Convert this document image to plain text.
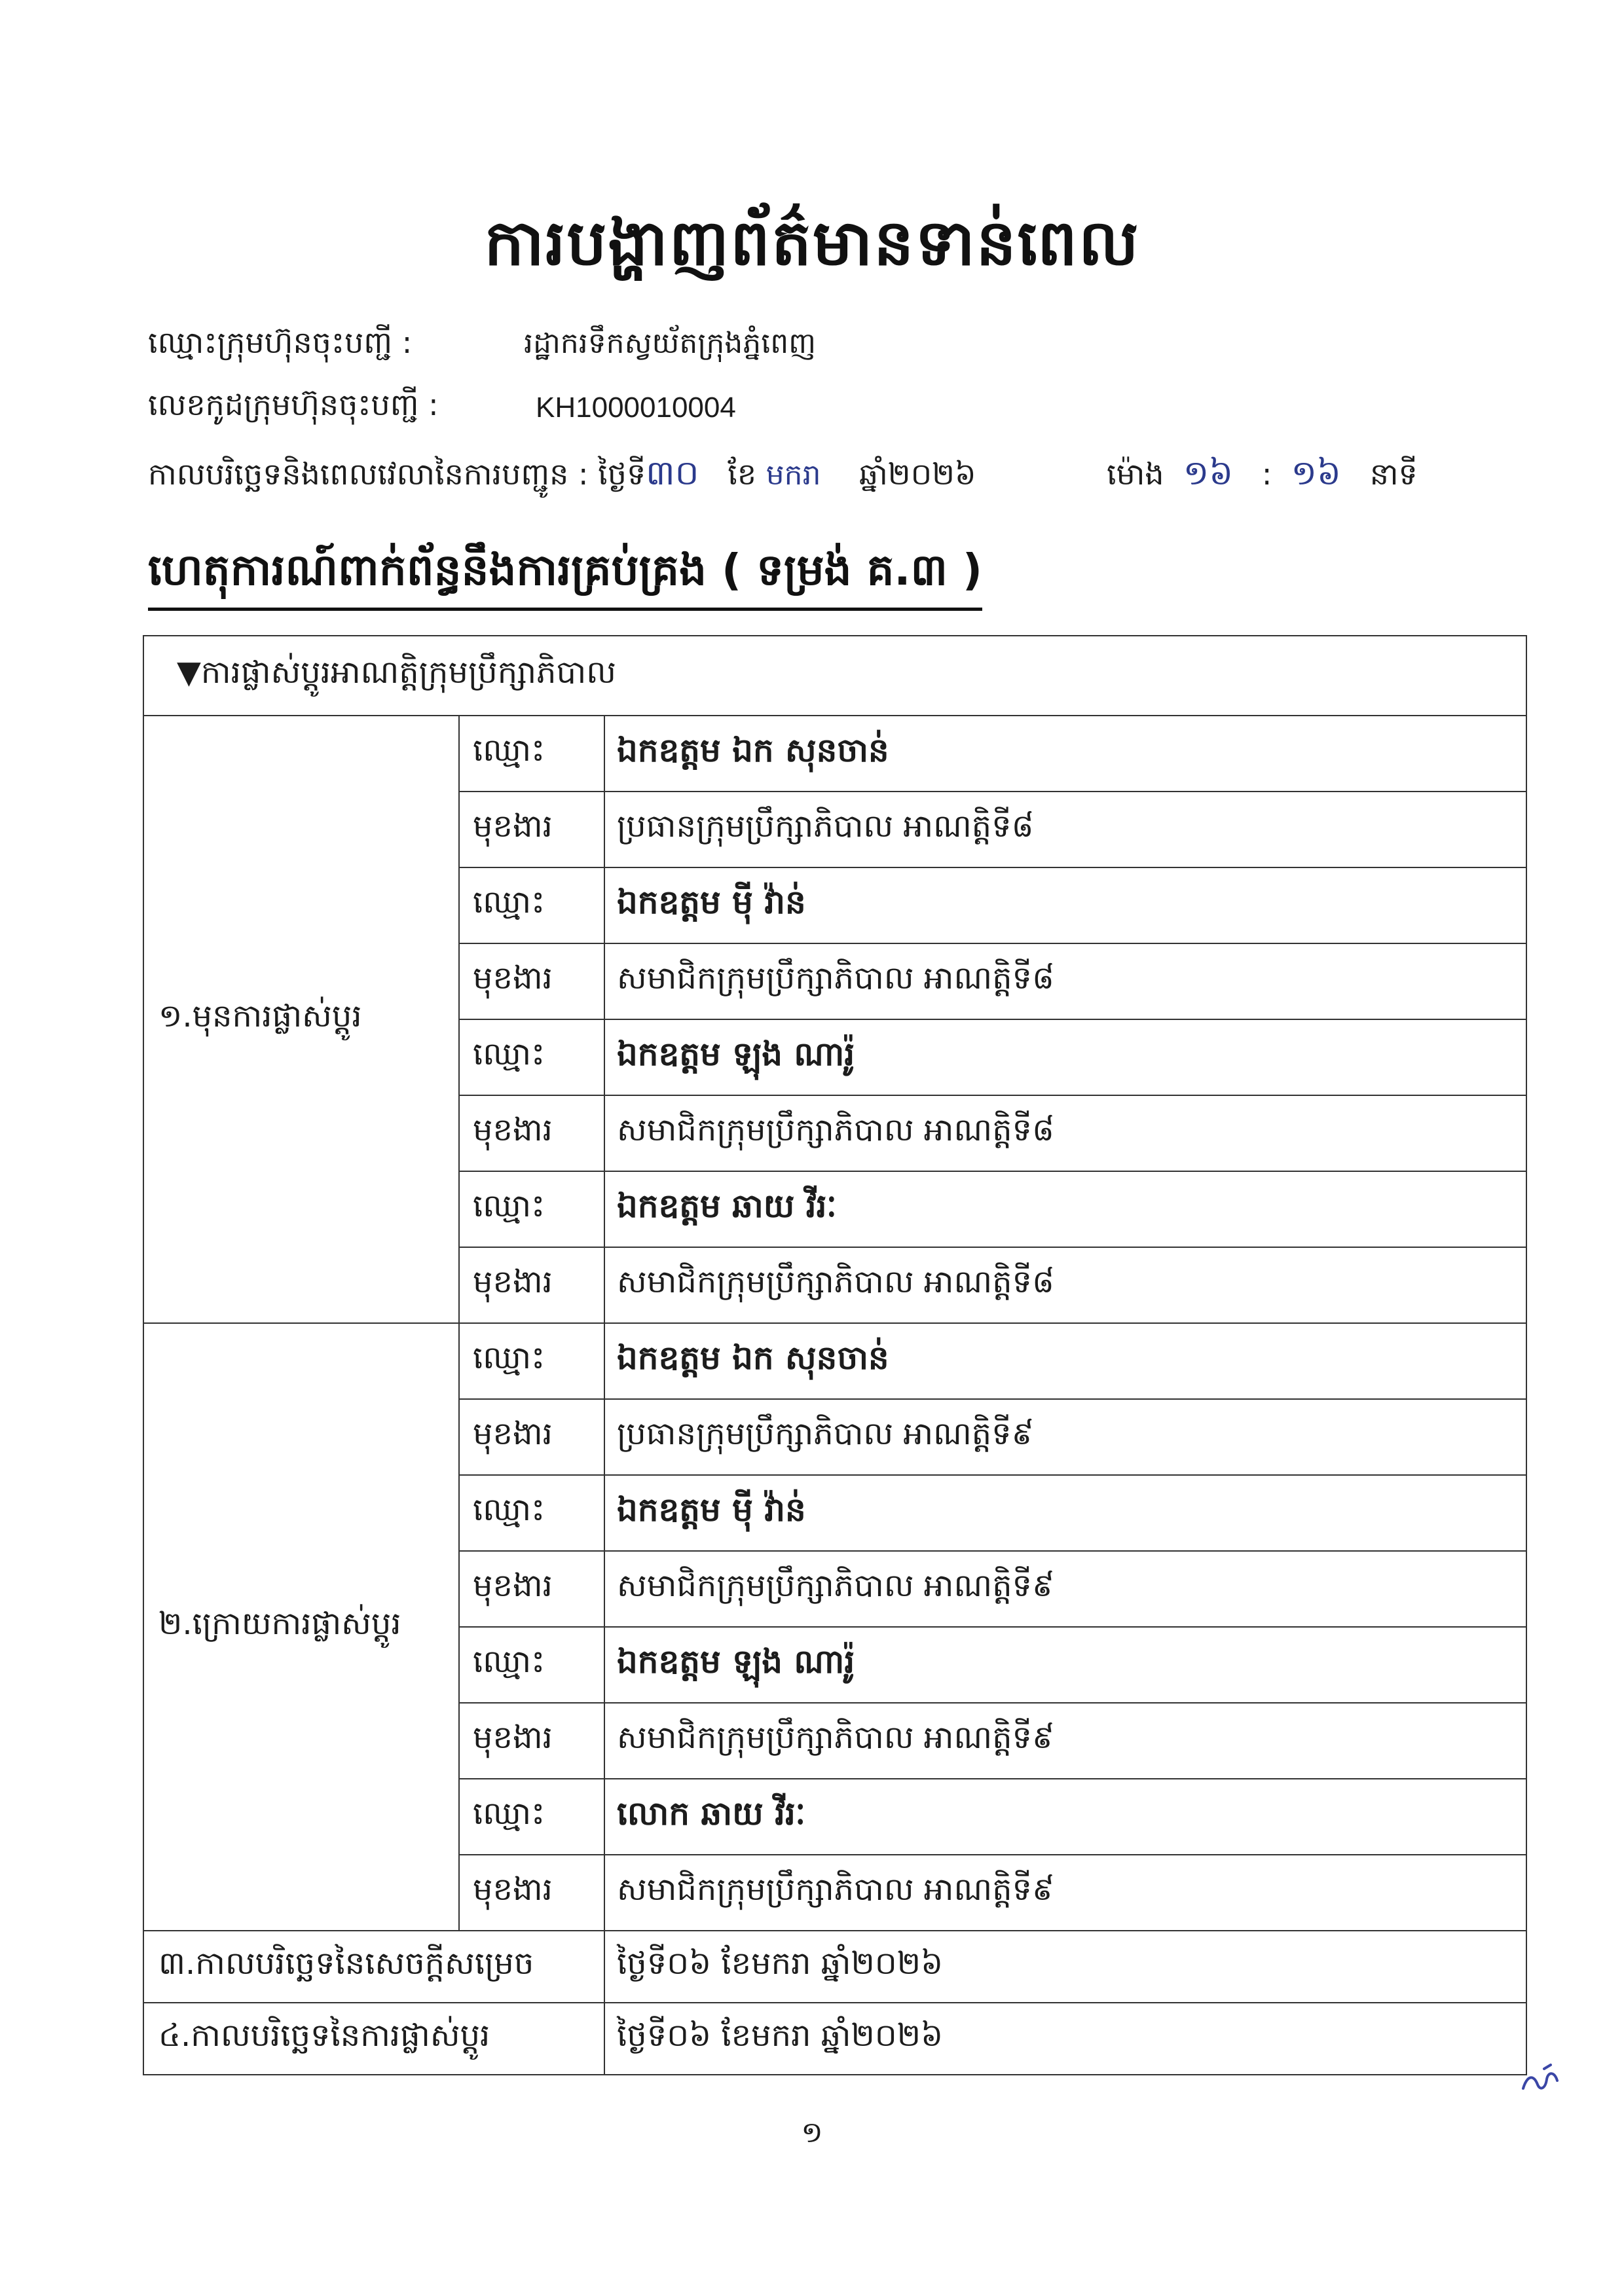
ការបង្ហាញព័ត៌មានទាន់ពេល
ឈ្មោះក្រុមហ៊ុនចុះបញ្ជី :	រដ្ឋាករទឹកស្វយ័តក្រុងភ្នំពេញ
លេខកូដក្រុមហ៊ុនចុះបញ្ជី :	KH1000010004
កាលបរិច្ឆេទនិងពេលវេលានៃការបញ្ជូន : ថ្ងៃទី៣០ ខែ មករា ឆ្នាំ២០២៦	ម៉ោង ១៦ : ១៦ នាទី
ហេតុការណ៍ពាក់ព័ន្ធនឹងការគ្រប់គ្រង ( ទម្រង់ គ.៣ )
▼ការផ្លាស់ប្តូរអាណត្តិក្រុមប្រឹក្សាភិបាល		
១.មុនការផ្លាស់ប្តូរ	ឈ្មោះ	ឯកឧត្តម ឯក សុនចាន់
	មុខងារ	ប្រធានក្រុមប្រឹក្សាភិបាល អាណត្តិទី៨
	ឈ្មោះ	ឯកឧត្តម ម៉ី វ៉ាន់
	មុខងារ	សមាជិកក្រុមប្រឹក្សាភិបាល អាណត្តិទី៨
	ឈ្មោះ	ឯកឧត្តម ឡុង ណារ៉ូ
	មុខងារ	សមាជិកក្រុមប្រឹក្សាភិបាល អាណត្តិទី៨
	ឈ្មោះ	ឯកឧត្តម ឆាយ វីរៈ
	មុខងារ	សមាជិកក្រុមប្រឹក្សាភិបាល អាណត្តិទី៨
២.ក្រោយការផ្លាស់ប្តូរ	ឈ្មោះ	ឯកឧត្តម ឯក សុនចាន់
	មុខងារ	ប្រធានក្រុមប្រឹក្សាភិបាល អាណត្តិទី៩
	ឈ្មោះ	ឯកឧត្តម ម៉ី វ៉ាន់
	មុខងារ	សមាជិកក្រុមប្រឹក្សាភិបាល អាណត្តិទី៩
	ឈ្មោះ	ឯកឧត្តម ឡុង ណារ៉ូ
	មុខងារ	សមាជិកក្រុមប្រឹក្សាភិបាល អាណត្តិទី៩
	ឈ្មោះ	លោក ឆាយ វីរៈ
	មុខងារ	សមាជិកក្រុមប្រឹក្សាភិបាល អាណត្តិទី៩
៣.កាលបរិច្ឆេទនៃសេចក្តីសម្រេច		ថ្ងៃទី០៦ ខែមករា ឆ្នាំ២០២៦
៤.កាលបរិច្ឆេទនៃការផ្លាស់ប្តូរ		ថ្ងៃទី០៦ ខែមករា ឆ្នាំ២០២៦
១
